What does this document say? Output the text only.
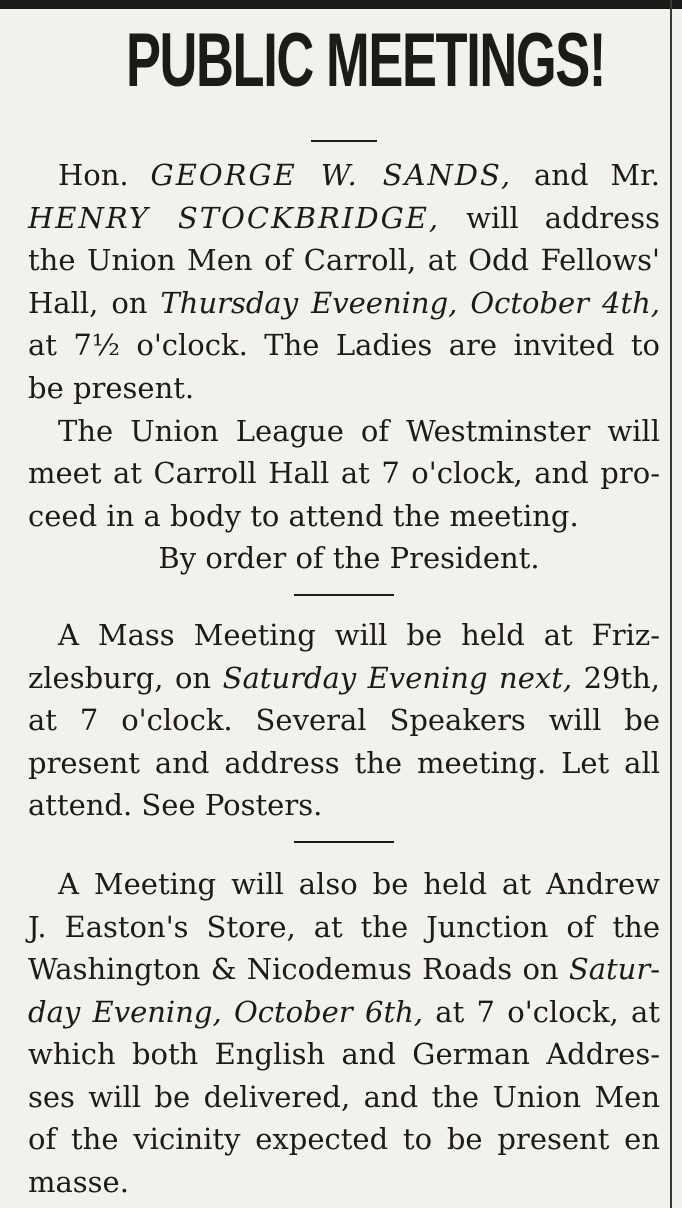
PUBLIC MEETINGS!
Hon. GEORGE W. SANDS, and Mr.
HENRY STOCKBRIDGE, will address
the Union Men of Carroll, at Odd Fellows'
Hall, on Thursday Eveening, October 4th,
at 7½ o'clock. The Ladies are invited to
be present.
The Union League of Westminster will
meet at Carroll Hall at 7 o'clock, and pro-
ceed in a body to attend the meeting.
By order of the President.
A Mass Meeting will be held at Friz-
zlesburg, on Saturday Evening next, 29th,
at 7 o'clock. Several Speakers will be
present and address the meeting. Let all
attend. See Posters.
A Meeting will also be held at Andrew
J. Easton's Store, at the Junction of the
Washington & Nicodemus Roads on Satur-
day Evening, October 6th, at 7 o'clock, at
which both English and German Addres-
ses will be delivered, and the Union Men
of the vicinity expected to be present en
masse.
